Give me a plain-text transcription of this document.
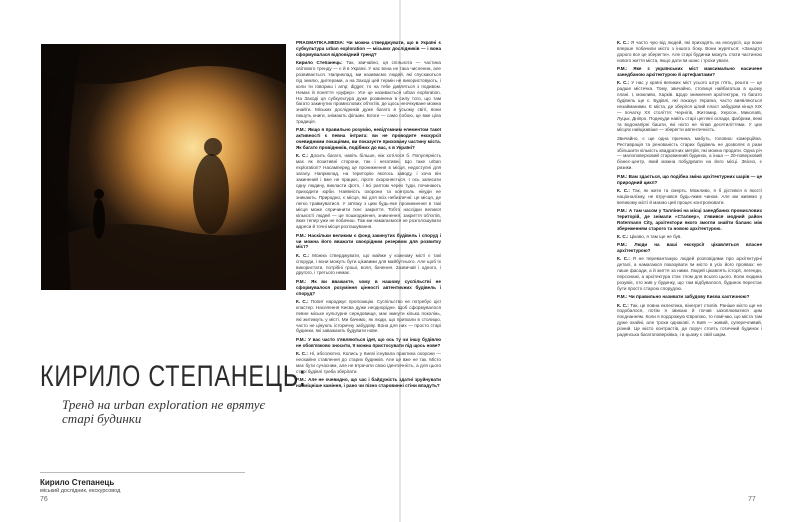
EXPERT OPINION
КИРИЛО СТЕПАНЕЦЬ:
Тренд на urban exploration не врятує старі будинки
Кирило Степанець
міський дослідник, екскурсовод
76	77

PRAGMATIKA.MEDIA: Чи можна стверджувати, що в Україні є субкультура urban exploration — міських дослідників — і вона сформувалася відповідний тренд?

Кирило Степанець: Так, звичайно, ця спільнота — частина світового тренду — є й в Україні. У нас вона не така численна, але розвивається. Наприклад, ми називаємо людей, які спускаються під землю, диггерами, а на Заході цей термін не використовують, і коли ти говориш і amp; digger, то на тебе дивляться з подивом. Немає й поняття «руфер». Усе це називається urban exploration. На Заході ця субкультура дуже розвинена в силу того, що там багато закинутих промислових об'єктів, де щось неочікуване можна знайти. Міських дослідників дуже багато в усьому світі, вони пишуть книги, знімають фільми. Блоги — само собою, це вже ціла традиція.

P.M.: Якщо я правильно розумію, невід'ємним елементом такої активності є певна інтрига: ви не проводите екскурсії очевидними локаціями, ви показуєте приховану частину міста. Як багато провідників, подібних до вас, є в Україні?

К. С.: Досить багато, навіть більше, ніж хотілося б. Популярність має як позитивні сторони, так і негативні. Що таке urban exploration? Насамперед це проникнення в місця, недоступні для загалу. Наприклад, на територію якогось заводу, і хоча він закинений і вже не працює, проте охороняється. І ось записати одну людину, викласти фото, і всі раптом черех туди, починають приходити юрби. Наявність охорони та контроль нікуди не зникають. Природно, є місця, які для всіх небезпечні: це місця, де легко травмуватися. У зв'язку з цим будь-яке проникнення в такі місця може спричинити їхнє закриття. Тобто наслідки великої кількості людей — це пошкодження, зникнення, закриття об'єктів, яких тепер уже не побачиш. Тож ми намагаємося не розголошувати адреси й точні місця розташування.

P.M.: Наскільки великим є фонд закинутих будівель і споруд і чи можна його вважати своєрідним резервом для розвитку міст?

К. С.: Можна стверджувати, що майже у кожному місті є такі споруди, і вони можуть бути цікавими для майбутнього. Але щоб їх використати, потрібні гроші, воля, бачення. Зазвичай і одного, і другого, і третього немає.

P.M.: Як ви вважаєте, чому в нашому суспільстві не сформувалося розуміння цінності автентичних будівель і споруд?

К. С.: Попит народжує пропозицію. Суспільство не потребує цієї кластер. Населення Києва дуже неоднорідне. Щоб сформувалося певне міське культурне середовище, має минути кілька поколінь, які житимуть у місті. Ми бачимо, як люди, що приїхали в столицю, часто не цінують історичну забудову. Вона для них — просто старі будинки, які заважають будувати нове.

P.M.: У вас часто з'являються ідеї, що ось ту чи іншу будівлю не обов'язково зносити, її можна пристосувати під щось нове?

К. С.: Ні, абсолютно. Колись у Києві існувала практика охорони — неохайне ставлення до старих будинків. Але це вже не так. Місто має бути сучасним, але не втрачати свою ідентичність, а для цього старі будівлі треба зберігати.

P.M.: Але не очевидно, що час і байдужість здатні зруйнувати найміцніше каміння, і рано чи пізно старовинні стіни впадуть?

К. С.: Я часто чую від людей, які приходять на екскурсії, що вони вперше побачили місто з іншого боку. Вони журяться: «Занадто дорого все це зберегти». Але старі будинки можуть стати частиною нового життя міста, якщо дати їм шанс і трохи уваги.

P.M.: Яке з українських міст максимально насичене занедбаною архітектурою й артефактами?

К. С.: У нас у країні великих міст усього штук п'ять, решта — це радше містечка. Тому, звичайно, столиця найбагатша в цьому плані. І, можливо, Харків. Щодо зникнення архітектури, то багато будівель ще є. Будівлі, які показує Україна, часто виявляються незайманими. Є міста, де зберігся цілий пласт забудови кінця ХІХ — початку ХХ століття: Чернігів, Житомир, Херсон, Миколаїв, Луцьк, Дніпро. Подекуди навіть старі цегляні склади, фабрики, вежі та водонапірні башти, які ніхто не чіпав десятиліттями. У цих місцях найцікавіше — зберегти автентичність.

Звичайно, є ще одна причина, мабуть, головна: комерційна. Реставрація та ренованість старих будівель не дозволяє в рази збільшити кількість квадратних метрів, які можна продати. Одна річ — малоповерховий старовинний будинок, а інша — 20-поверховий бізнес-центр, який можна побудувати на його місці. Звісно, є ризики.

P.M.: Вам здається, що подібна зміна архітектурних шарів — це природний цикл?

К. С.: Так, як жити та смерть. Можливо, я б дістився в якості націоналізму, не втручався будь-яким чином. Але ми живемо у великому місті й маємо цей процес контролювати.

P.M.: А там часом у Таллінні на місці занедбаних промислових територій, де знімали «Сталкер», з'явився модний район Rotermann City, архітектори якого змогли знайти баланс між збереженням старого та новою архітектурою.

К. С.: Цікаво, я там ще не був.

P.M.: Люди на ваші екскурсії цікавляться власне архітектурою?

К. С.: Я не перевантажую людей розповідями про архітектурні деталі, а намагаюся показувати їм місто в усіх його проявах: не лише фасади, а й життя за ними. Людей цікавлять історії, легенди, персонажі, а архітектура стає тлом для всього цього. Коли людина розуміє, хто жив у будинку, що там відбувалося, будинок перестає бути просто старою спорудою.

P.M.: Чи правильно називати забудову Києва хаотичною?

К. С.: Так, це повна еклектика, вінегрет стилів. Раніше місто ще не подобалося, потім я звикаю й почав захоплюватися цим поєднанням. Коли я подорожую Європою, то помічаю, що міста там дуже охайні, але трохи однакові. А Київ — живий, суперечливий, різний. Це місто контрастів, де поруч стоять готичний будинок і радянська багатоповерхівка, і в цьому є свій шарм.
